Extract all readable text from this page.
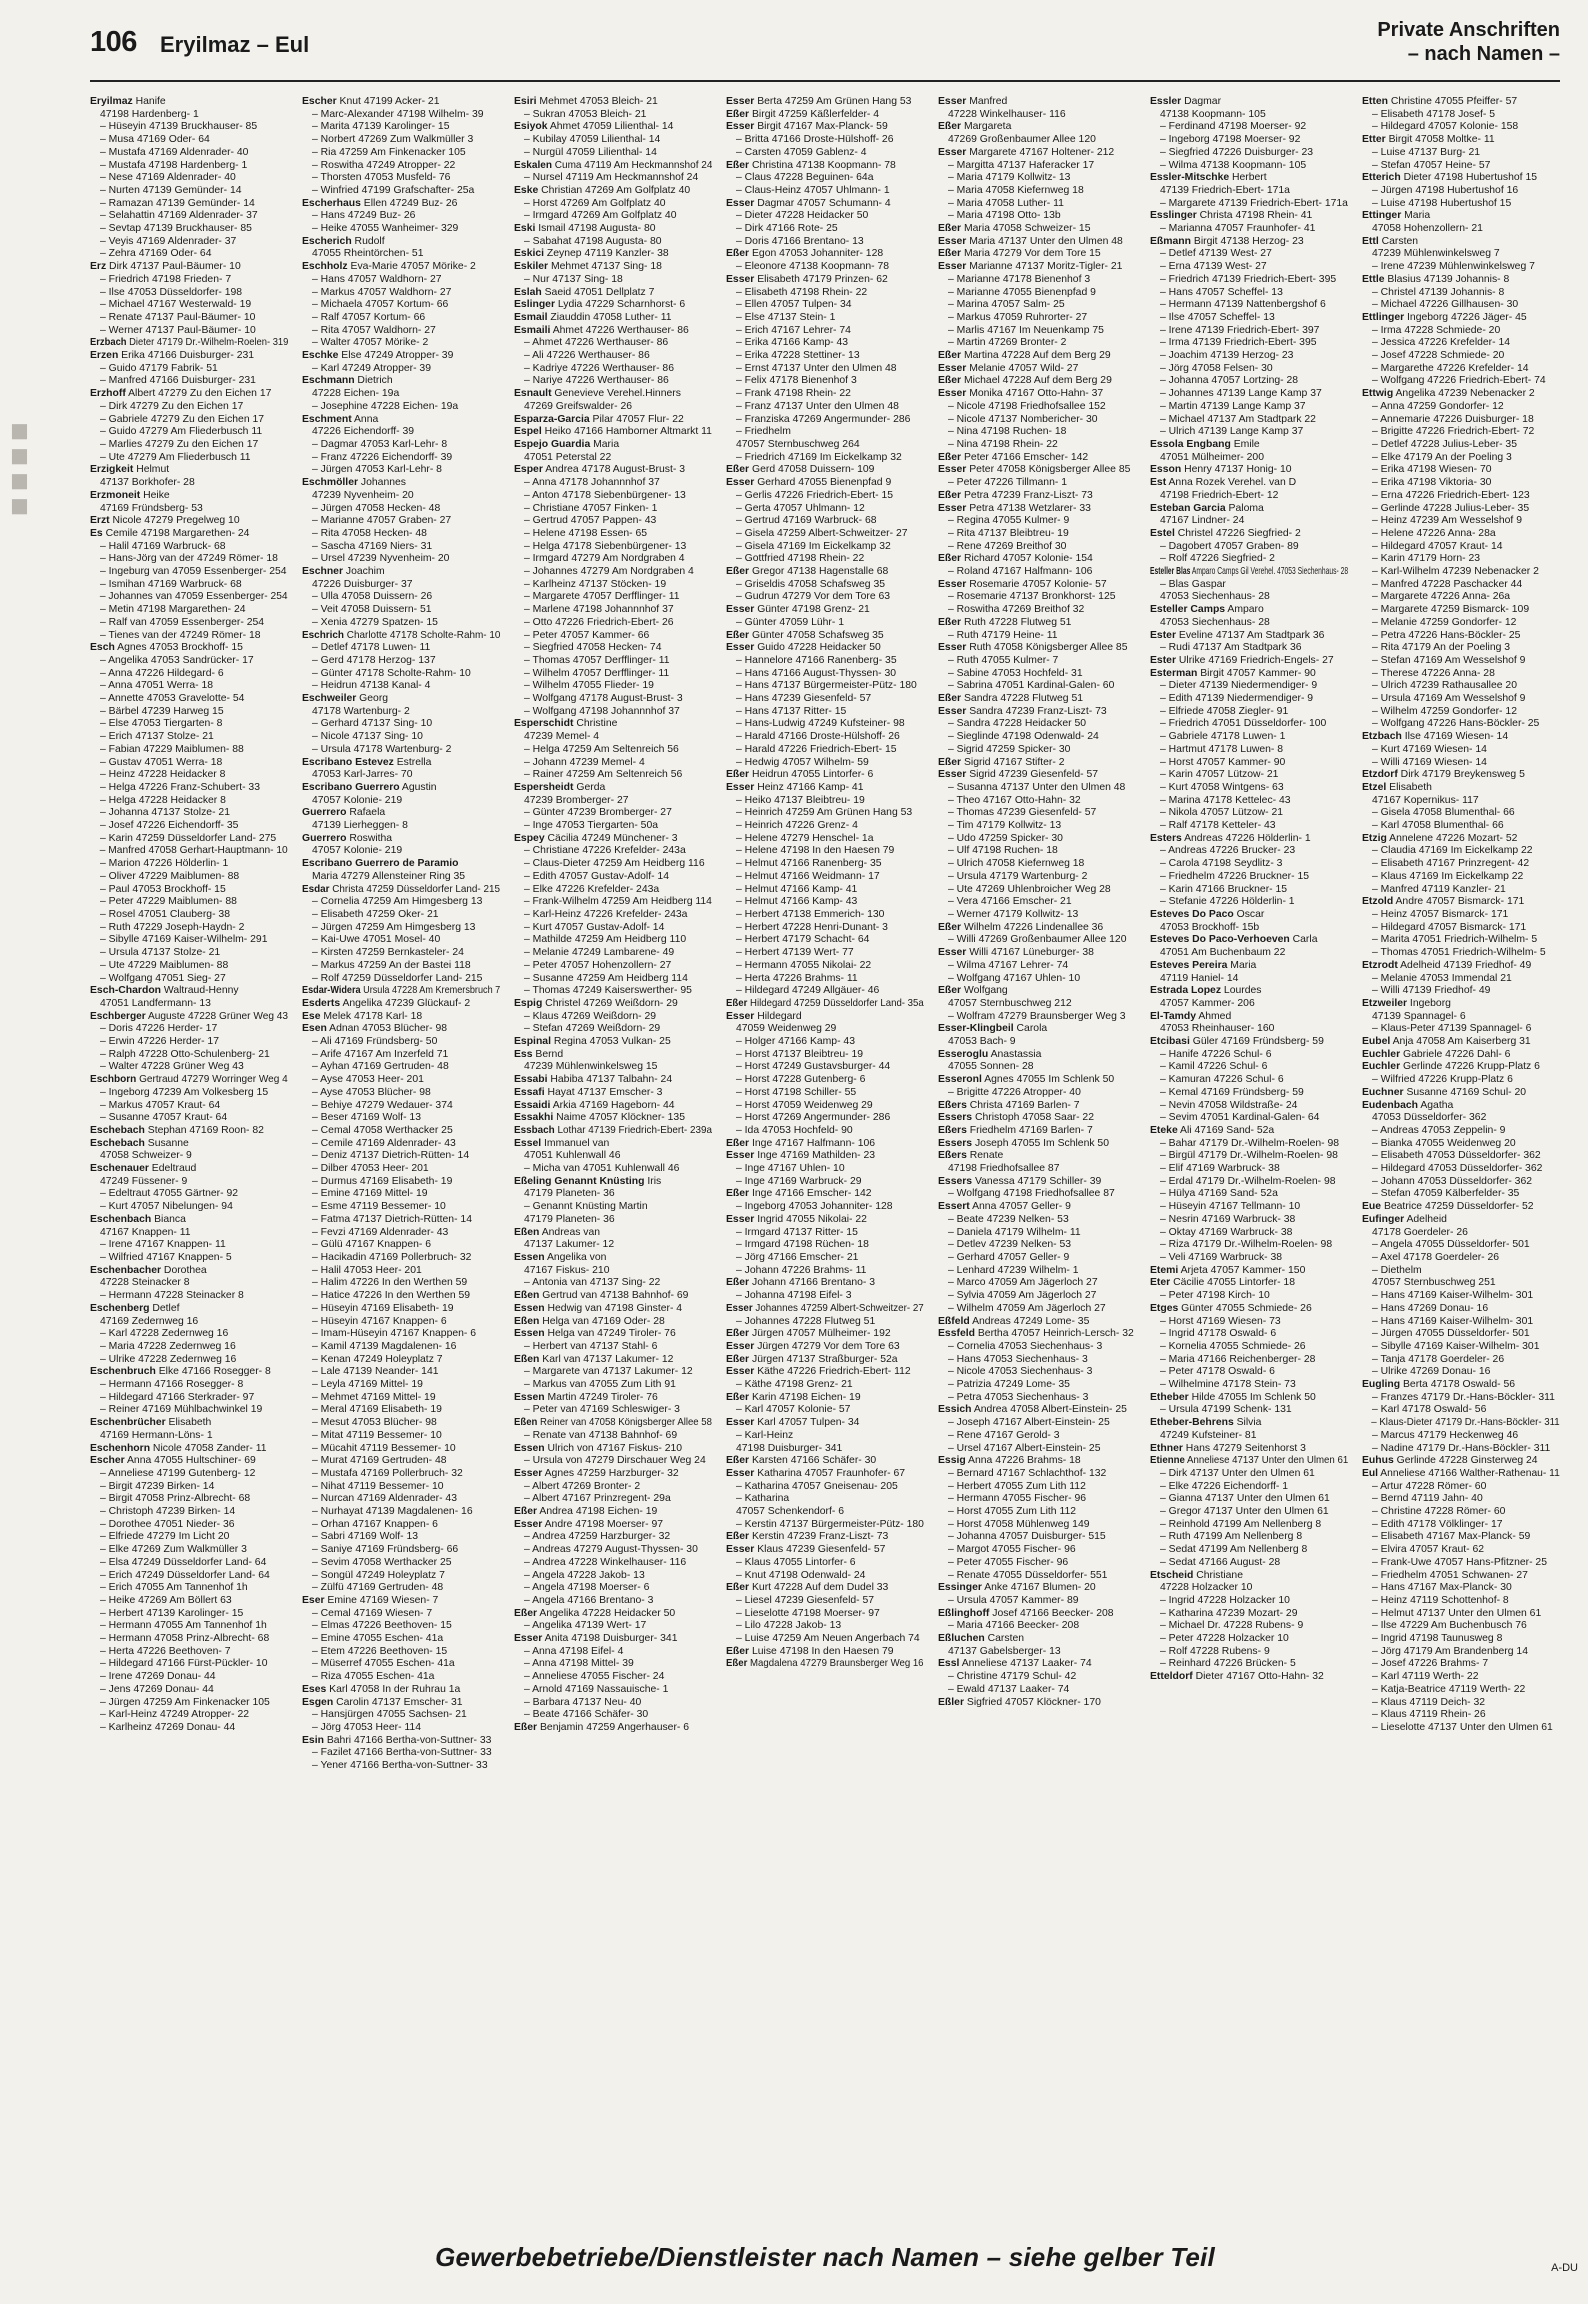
106 Eryilmaz – Eul
Private Anschriften
– nach Namen –
◼︎◼︎◼︎◼︎
Eryilmaz Hanife
47198 Hardenberg- 1
– Hüseyin 47139 Bruckhauser- 85
– Musa 47169 Oder- 64
– Mustafa 47169 Aldenrader- 40
– Mustafa 47198 Hardenberg- 1
– Nese 47169 Aldenrader- 40
– Nurten 47139 Gemünder- 14
– Ramazan 47139 Gemünder- 14
– Selahattin 47169 Aldenrader- 37
– Sevtap 47139 Bruckhauser- 85
– Veyis 47169 Aldenrader- 37
– Zehra 47169 Oder- 64
Erz Dirk 47137 Paul-Bäumer- 10
– Friedrich 47198 Frieden- 7
– Ilse 47053 Düsseldorfer- 198
– Michael 47167 Westerwald- 19
– Renate 47137 Paul-Bäumer- 10
– Werner 47137 Paul-Bäumer- 10
Erzbach Dieter 47179 Dr.-Wilhelm-Roelen- 319
Erzen Erika 47166 Duisburger- 231
– Guido 47179 Fabrik- 51
– Manfred 47166 Duisburger- 231
Erzhoff Albert 47279 Zu den Eichen 17
– Dirk 47279 Zu den Eichen 17
– Gabriele 47279 Zu den Eichen 17
– Guido 47279 Am Fliederbusch 11
– Marlies 47279 Zu den Eichen 17
– Ute 47279 Am Fliederbusch 11
Erzigkeit Helmut
47137 Borkhofer- 28
Erzmoneit Heike
47169 Fründsberg- 53
Erzt Nicole 47279 Pregelweg 10
Es Cemile 47198 Margarethen- 24
– Halil 47169 Warbruck- 68
– Hans-Jörg van der 47249 Römer- 18
– Ingeburg van 47059 Essenberger- 254
– Ismihan 47169 Warbruck- 68
– Johannes van 47059 Essenberger- 254
– Metin 47198 Margarethen- 24
– Ralf van 47059 Essenberger- 254
– Tienes van der 47249 Römer- 18
Esch Agnes 47053 Brockhoff- 15
– Angelika 47053 Sandrücker- 17
– Anna 47226 Hildegard- 6
– Anna 47051 Werra- 18
– Annette 47053 Gravelotte- 54
– Bärbel 47239 Harweg 15
– Else 47053 Tiergarten- 8
– Erich 47137 Stolze- 21
– Fabian 47229 Maiblumen- 88
– Gustav 47051 Werra- 18
– Heinz 47228 Heidacker 8
– Helga 47226 Franz-Schubert- 33
– Helga 47228 Heidacker 8
– Johanna 47137 Stolze- 21
– Josef 47226 Eichendorff- 35
– Karin 47259 Düsseldorfer Land- 275
– Manfred 47058 Gerhart-Hauptmann- 10
– Marion 47226 Hölderlin- 1
– Oliver 47229 Maiblumen- 88
– Paul 47053 Brockhoff- 15
– Peter 47229 Maiblumen- 88
– Rosel 47051 Clauberg- 38
– Ruth 47229 Joseph-Haydn- 2
– Sibylle 47169 Kaiser-Wilhelm- 291
– Ursula 47137 Stolze- 21
– Ute 47229 Maiblumen- 88
– Wolfgang 47051 Sieg- 27
Esch-Chardon Waltraud-Henny
47051 Landfermann- 13
Eschberger Auguste 47228 Grüner Weg 43
– Doris 47226 Herder- 17
– Erwin 47226 Herder- 17
– Ralph 47228 Otto-Schulenberg- 21
– Walter 47228 Grüner Weg 43
Eschborn Gertraud 47279 Worringer Weg 4
– Ingeborg 47239 Am Volkesberg 15
– Markus 47057 Kraut- 64
– Susanne 47057 Kraut- 64
Eschebach Stephan 47169 Roon- 82
Eschebach Susanne
47058 Schweizer- 9
Eschenauer Edeltraud
47249 Füssener- 9
– Edeltraut 47055 Gärtner- 92
– Kurt 47057 Nibelungen- 94
Eschenbach Bianca
47167 Knappen- 11
– Irene 47167 Knappen- 11
– Wilfried 47167 Knappen- 5
Eschenbacher Dorothea
47228 Steinacker 8
– Hermann 47228 Steinacker 8
Eschenberg Detlef
47169 Zedernweg 16
– Karl 47228 Zedernweg 16
– Maria 47228 Zedernweg 16
– Ulrike 47228 Zedernweg 16
Eschenbruch Elke 47166 Rosegger- 8
– Hermann 47166 Rosegger- 8
– Hildegard 47166 Sterkrader- 97
– Reiner 47169 Mühlbachwinkel 19
Eschenbrücher Elisabeth
47169 Hermann-Löns- 1
Eschenhorn Nicole 47058 Zander- 11
Escher Anna 47055 Hultschiner- 69
– Anneliese 47199 Gutenberg- 12
– Birgit 47239 Birken- 14
– Birgit 47058 Prinz-Albrecht- 68
– Christoph 47239 Birken- 14
– Dorothee 47051 Nieder- 36
– Elfriede 47279 Im Licht 20
– Elke 47269 Zum Walkmüller 3
– Elsa 47249 Düsseldorfer Land- 64
– Erich 47249 Düsseldorfer Land- 64
– Erich 47055 Am Tannenhof 1h
– Heike 47269 Am Böllert 63
– Herbert 47139 Karolinger- 15
– Hermann 47055 Am Tannenhof 1h
– Hermann 47058 Prinz-Albrecht- 68
– Herta 47226 Beethoven- 7
– Hildegard 47166 Fürst-Pückler- 10
– Irene 47269 Donau- 44
– Jens 47269 Donau- 44
– Jürgen 47259 Am Finkenacker 105
– Karl-Heinz 47249 Atropper- 22
– Karlheinz 47269 Donau- 44
Escher Knut 47199 Acker- 21
– Marc-Alexander 47198 Wilhelm- 39
– Marita 47139 Karolinger- 15
– Norbert 47269 Zum Walkmüller 3
– Ria 47259 Am Finkenacker 105
– Roswitha 47249 Atropper- 22
– Thorsten 47053 Musfeld- 76
– Winfried 47199 Grafschafter- 25a
Escherhaus Ellen 47249 Buz- 26
– Hans 47249 Buz- 26
– Heike 47055 Wanheimer- 329
Escherich Rudolf
47055 Rheintörchen- 51
Eschholz Eva-Marie 47057 Mörike- 2
– Hans 47057 Waldhorn- 27
– Markus 47057 Waldhorn- 27
– Michaela 47057 Kortum- 66
– Ralf 47057 Kortum- 66
– Rita 47057 Waldhorn- 27
– Walter 47057 Mörike- 2
Eschke Else 47249 Atropper- 39
– Karl 47249 Atropper- 39
Eschmann Dietrich
47228 Eichen- 19a
– Josephine 47228 Eichen- 19a
Eschment Anna
47226 Eichendorff- 39
– Dagmar 47053 Karl-Lehr- 8
– Franz 47226 Eichendorff- 39
– Jürgen 47053 Karl-Lehr- 8
Eschmöller Johannes
47239 Nyvenheim- 20
– Jürgen 47058 Hecken- 48
– Marianne 47057 Graben- 27
– Rita 47058 Hecken- 48
– Sascha 47169 Niers- 31
– Ursel 47239 Nyvenheim- 20
Eschner Joachim
47226 Duisburger- 37
– Ulla 47058 Duissern- 26
– Veit 47058 Duissern- 51
– Xenia 47279 Spatzen- 15
Eschrich Charlotte 47178 Scholte-Rahm- 10
– Detlef 47178 Luwen- 11
– Gerd 47178 Herzog- 137
– Günter 47178 Scholte-Rahm- 10
– Heidrun 47138 Kanal- 4
Eschweiler Georg
47178 Wartenburg- 2
– Gerhard 47137 Sing- 10
– Nicole 47137 Sing- 10
– Ursula 47178 Wartenburg- 2
Escribano Estevez Estrella
47053 Karl-Jarres- 70
Escribano Guerrero Agustin
47057 Kolonie- 219
Guerrero Rafaela
47139 Lierheggen- 8
Guerrero Roswitha
47057 Kolonie- 219
Escribano Guerrero de Paramio
Maria 47279 Allensteiner Ring 35
Esdar Christa 47259 Düsseldorfer Land- 215
– Cornelia 47259 Am Himgesberg 13
– Elisabeth 47259 Oker- 21
– Jürgen 47259 Am Himgesberg 13
– Kai-Uwe 47051 Mosel- 40
– Kirsten 47259 Bernkasteler- 24
– Markus 47259 An der Bastei 118
– Rolf 47259 Düsseldorfer Land- 215
Esdar-Widera Ursula 47228 Am Kremersbruch 7
Esderts Angelika 47239 Glückauf- 2
Ese Melek 47178 Karl- 18
Esen Adnan 47053 Blücher- 98
– Ali 47169 Fründsberg- 50
– Arife 47167 Am Inzerfeld 71
– Ayhan 47169 Gertruden- 48
– Ayse 47053 Heer- 201
– Ayse 47053 Blücher- 98
– Behiye 47279 Wedauer- 374
– Beser 47169 Wolf- 13
– Cemal 47058 Werthacker 25
– Cemile 47169 Aldenrader- 43
– Deniz 47137 Dietrich-Rütten- 14
– Dilber 47053 Heer- 201
– Durmus 47169 Elisabeth- 19
– Emine 47169 Mittel- 19
– Esme 47119 Bessemer- 10
– Fatma 47137 Dietrich-Rütten- 14
– Fevzi 47169 Aldenrader- 43
– Gülü 47167 Knappen- 6
– Hacikadin 47169 Pollerbruch- 32
– Halil 47053 Heer- 201
– Halim 47226 In den Werthen 59
– Hatice 47226 In den Werthen 59
– Hüseyin 47169 Elisabeth- 19
– Hüseyin 47167 Knappen- 6
– Imam-Hüseyin 47167 Knappen- 6
– Kamil 47139 Magdalenen- 16
– Kenan 47249 Holeyplatz 7
– Lale 47139 Neander- 141
– Leyla 47169 Mittel- 19
– Mehmet 47169 Mittel- 19
– Meral 47169 Elisabeth- 19
– Mesut 47053 Blücher- 98
– Mitat 47119 Bessemer- 10
– Mücahit 47119 Bessemer- 10
– Murat 47169 Gertruden- 48
– Mustafa 47169 Pollerbruch- 32
– Nihat 47119 Bessemer- 10
– Nurcan 47169 Aldenrader- 43
– Nurhayat 47139 Magdalenen- 16
– Orhan 47167 Knappen- 6
– Sabri 47169 Wolf- 13
– Saniye 47169 Fründsberg- 66
– Sevim 47058 Werthacker 25
– Songül 47249 Holeyplatz 7
– Zülfü 47169 Gertruden- 48
Eser Emine 47169 Wiesen- 7
– Cemal 47169 Wiesen- 7
– Elmas 47226 Beethoven- 15
– Emine 47055 Eschen- 41a
– Etem 47226 Beethoven- 15
– Müserref 47055 Eschen- 41a
– Riza 47055 Eschen- 41a
Eses Karl 47058 In der Ruhrau 1a
Esgen Carolin 47137 Emscher- 31
– Hansjürgen 47055 Sachsen- 21
– Jörg 47053 Heer- 114
Esin Bahri 47166 Bertha-von-Suttner- 33
– Fazilet 47166 Bertha-von-Suttner- 33
– Yener 47166 Bertha-von-Suttner- 33
Esiri Mehmet 47053 Bleich- 21
– Sukran 47053 Bleich- 21
Esiyok Ahmet 47059 Lilienthal- 14
– Kubilay 47059 Lilienthal- 14
– Nurgül 47059 Lilienthal- 14
Eskalen Cuma 47119 Am Heckmannshof 24
– Nursel 47119 Am Heckmannshof 24
Eske Christian 47269 Am Golfplatz 40
– Horst 47269 Am Golfplatz 40
– Irmgard 47269 Am Golfplatz 40
Eski Ismail 47198 Augusta- 80
– Sabahat 47198 Augusta- 80
Eskici Zeynep 47119 Kanzler- 38
Eskiler Mehmet 47137 Sing- 18
– Nur 47137 Sing- 18
Eslah Saeid 47051 Dellplatz 7
Eslinger Lydia 47229 Scharnhorst- 6
Esmail Ziauddin 47058 Luther- 11
Esmaili Ahmet 47226 Werthauser- 86
– Ahmet 47226 Werthauser- 86
– Ali 47226 Werthauser- 86
– Kadriye 47226 Werthauser- 86
– Nariye 47226 Werthauser- 86
Esnault Genevieve Verehel.Hinners
47269 Greifswalder- 26
Esparza-Garcia Pilar 47057 Flur- 22
Espel Heiko 47166 Hamborner Altmarkt 11
Espejo Guardia Maria
47051 Peterstal 22
Esper Andrea 47178 August-Brust- 3
– Anna 47178 Johannnhof 37
– Anton 47178 Siebenbürgener- 13
– Christiane 47057 Finken- 1
– Gertrud 47057 Pappen- 43
– Helene 47198 Essen- 65
– Helga 47178 Siebenbürgener- 13
– Irmgard 47279 Am Nordgraben 4
– Johannes 47279 Am Nordgraben 4
– Karlheinz 47137 Stöcken- 19
– Margarete 47057 Derfflinger- 11
– Marlene 47198 Johannnhof 37
– Otto 47226 Friedrich-Ebert- 26
– Peter 47057 Kammer- 66
– Siegfried 47058 Hecken- 74
– Thomas 47057 Derfflinger- 11
– Wilhelm 47057 Derfflinger- 11
– Wilhelm 47055 Flieder- 19
– Wolfgang 47178 August-Brust- 3
– Wolfgang 47198 Johannnhof 37
Esperschidt Christine
47239 Memel- 4
– Helga 47259 Am Seltenreich 56
– Johann 47239 Memel- 4
– Rainer 47259 Am Seltenreich 56
Espersheidt Gerda
47239 Bromberger- 27
– Günter 47239 Bromberger- 27
– Inge 47053 Tiergarten- 50a
Espey Cäcilia 47249 Münchener- 3
– Christiane 47226 Krefelder- 243a
– Claus-Dieter 47259 Am Heidberg 116
– Edith 47057 Gustav-Adolf- 14
– Elke 47226 Krefelder- 243a
– Frank-Wilhelm 47259 Am Heidberg 114
– Karl-Heinz 47226 Krefelder- 243a
– Kurt 47057 Gustav-Adolf- 14
– Mathilde 47259 Am Heidberg 110
– Melanie 47249 Lambarene- 49
– Peter 47057 Hohenzollern- 27
– Susanne 47259 Am Heidberg 114
– Thomas 47249 Kaiserswerther- 95
Espig Christel 47269 Weißdorn- 29
– Klaus 47269 Weißdorn- 29
– Stefan 47269 Weißdorn- 29
Espinal Regina 47053 Vulkan- 25
Ess Bernd
47239 Mühlenwinkelsweg 15
Essabi Habiba 47137 Talbahn- 24
Essafi Hayat 47137 Emscher- 3
Essaidi Arkia 47169 Hageborn- 44
Essakhi Naime 47057 Klöckner- 135
Essbach Lothar 47139 Friedrich-Ebert- 239a
Essel Immanuel van
47051 Kuhlenwall 46
– Micha van 47051 Kuhlenwall 46
Eßeling Genannt Knüsting Iris
47179 Planeten- 36
– Genannt Knüsting Martin
47179 Planeten- 36
Eßen Andreas van
47137 Lakumer- 12
Essen Angelika von
47167 Fiskus- 210
– Antonia van 47137 Sing- 22
Eßen Gertrud van 47138 Bahnhof- 69
Essen Hedwig van 47198 Ginster- 4
Eßen Helga van 47169 Oder- 28
Essen Helga van 47249 Tiroler- 76
– Herbert van 47137 Stahl- 6
Eßen Karl van 47137 Lakumer- 12
– Margarete van 47137 Lakumer- 12
– Markus van 47055 Zum Lith 91
Essen Martin 47249 Tiroler- 76
– Peter van 47169 Schleswiger- 3
Eßen Reiner van 47058 Königsberger Allee 58
– Renate van 47138 Bahnhof- 69
Essen Ulrich von 47167 Fiskus- 210
– Ursula von 47279 Dirschauer Weg 24
Esser Agnes 47259 Harzburger- 32
– Albert 47269 Bronter- 2
– Albert 47167 Prinzregent- 29a
Eßer Andrea 47198 Eichen- 19
Esser Andre 47198 Moerser- 97
– Andrea 47259 Harzburger- 32
– Andreas 47279 August-Thyssen- 30
– Andrea 47228 Winkelhauser- 116
– Angela 47228 Jakob- 13
– Angela 47198 Moerser- 6
– Angela 47166 Brentano- 3
Eßer Angelika 47228 Heidacker 50
– Angelika 47139 Wert- 17
Esser Anita 47198 Duisburger- 341
– Anna 47198 Eifel- 4
– Anna 47198 Mittel- 39
– Anneliese 47055 Fischer- 24
– Arnold 47169 Nassauische- 1
– Barbara 47137 Neu- 40
– Beate 47166 Schäfer- 30
Eßer Benjamin 47259 Angerhauser- 6
Esser Berta 47259 Am Grünen Hang 53
Eßer Birgit 47259 Käßlerfelder- 4
Esser Birgit 47167 Max-Planck- 59
– Britta 47166 Droste-Hülshoff- 26
– Carsten 47059 Gablenz- 4
Eßer Christina 47138 Koopmann- 78
– Claus 47228 Beguinen- 64a
– Claus-Heinz 47057 Uhlmann- 1
Esser Dagmar 47057 Schumann- 4
– Dieter 47228 Heidacker 50
– Dirk 47166 Rote- 25
– Doris 47166 Brentano- 13
Eßer Egon 47053 Johanniter- 128
– Eleonore 47138 Koopmann- 78
Esser Elisabeth 47179 Prinzen- 62
– Elisabeth 47198 Rhein- 22
– Ellen 47057 Tulpen- 34
– Else 47137 Stein- 1
– Erich 47167 Lehrer- 74
– Erika 47166 Kamp- 43
– Erika 47228 Stettiner- 13
– Ernst 47137 Unter den Ulmen 48
– Felix 47178 Bienenhof 3
– Frank 47198 Rhein- 22
– Franz 47137 Unter den Ulmen 48
– Franziska 47269 Angermunder- 286
– Friedhelm
47057 Sternbuschweg 264
– Friedrich 47169 Im Eickelkamp 32
Eßer Gerd 47058 Duissern- 109
Esser Gerhard 47055 Bienenpfad 9
– Gerlis 47226 Friedrich-Ebert- 15
– Gerta 47057 Uhlmann- 12
– Gertrud 47169 Warbruck- 68
– Gisela 47259 Albert-Schweitzer- 27
– Gisela 47169 Im Eickelkamp 32
– Gottfried 47198 Rhein- 22
Eßer Gregor 47138 Hagenstalle 68
– Griseldis 47058 Schafsweg 35
– Gudrun 47279 Vor dem Tore 63
Esser Günter 47198 Grenz- 21
– Günter 47059 Lühr- 1
Eßer Günter 47058 Schafsweg 35
Esser Guido 47228 Heidacker 50
– Hannelore 47166 Ranenberg- 35
– Hans 47166 August-Thyssen- 30
– Hans 47137 Bürgermeister-Pütz- 180
– Hans 47239 Giesenfeld- 57
– Hans 47137 Ritter- 15
– Hans-Ludwig 47249 Kufsteiner- 98
– Harald 47166 Droste-Hülshoff- 26
– Harald 47226 Friedrich-Ebert- 15
– Hedwig 47057 Wilhelm- 59
Eßer Heidrun 47055 Lintorfer- 6
Esser Heinz 47166 Kamp- 41
– Heiko 47137 Bleibtreu- 19
– Heinrich 47259 Am Grünen Hang 53
– Heinrich 47226 Grenz- 4
– Helene 47279 Henschel- 1a
– Helene 47198 In den Haesen 79
– Helmut 47166 Ranenberg- 35
– Helmut 47166 Weidmann- 17
– Helmut 47166 Kamp- 41
– Helmut 47166 Kamp- 43
– Herbert 47138 Emmerich- 130
– Herbert 47228 Henri-Dunant- 3
– Herbert 47179 Schacht- 64
– Herbert 47139 Wert- 77
– Hermann 47055 Nikolai- 22
– Herta 47226 Brahms- 11
– Hildegard 47249 Allgäuer- 46
Eßer Hildegard 47259 Düsseldorfer Land- 35a
Esser Hildegard
47059 Weidenweg 29
– Holger 47166 Kamp- 43
– Horst 47137 Bleibtreu- 19
– Horst 47249 Gustavsburger- 44
– Horst 47228 Gutenberg- 6
– Horst 47198 Schiller- 55
– Horst 47059 Weidenweg 29
– Horst 47269 Angermunder- 286
– Ida 47053 Hochfeld- 90
Eßer Inge 47167 Halfmann- 106
Esser Inge 47169 Mathilden- 23
– Inge 47167 Uhlen- 10
– Inge 47169 Warbruck- 29
Eßer Inge 47166 Emscher- 142
– Ingeborg 47053 Johanniter- 128
Esser Ingrid 47055 Nikolai- 22
– Irmgard 47137 Ritter- 15
– Irmgard 47198 Rüchen- 18
– Jörg 47166 Emscher- 21
– Johann 47226 Brahms- 11
Eßer Johann 47166 Brentano- 3
– Johanna 47198 Eifel- 3
Esser Johannes 47259 Albert-Schweitzer- 27
– Johannes 47228 Flutweg 51
Eßer Jürgen 47057 Mülheimer- 192
Esser Jürgen 47279 Vor dem Tore 63
Eßer Jürgen 47137 Straßburger- 52a
Esser Käthe 47226 Friedrich-Ebert- 112
– Käthe 47198 Grenz- 21
Eßer Karin 47198 Eichen- 19
– Karl 47057 Kolonie- 57
Esser Karl 47057 Tulpen- 34
– Karl-Heinz
47198 Duisburger- 341
Eßer Karsten 47166 Schäfer- 30
Esser Katharina 47057 Fraunhofer- 67
– Katharina 47057 Gneisenau- 205
– Katharina
47057 Schenkendorf- 6
– Kerstin 47137 Bürgermeister-Pütz- 180
Eßer Kerstin 47239 Franz-Liszt- 73
Esser Klaus 47239 Giesenfeld- 57
– Klaus 47055 Lintorfer- 6
– Knut 47198 Odenwald- 24
Eßer Kurt 47228 Auf dem Dudel 33
– Liesel 47239 Giesenfeld- 57
– Lieselotte 47198 Moerser- 97
– Lilo 47228 Jakob- 13
– Luise 47259 Am Neuen Angerbach 74
Eßer Luise 47198 In den Haesen 79
Eßer Magdalena 47279 Braunsberger Weg 16
Esser Manfred
47228 Winkelhauser- 116
Eßer Margareta
47269 Großenbaumer Allee 120
Esser Margarete 47167 Holtener- 212
– Margitta 47137 Haferacker 17
– Maria 47179 Kollwitz- 13
– Maria 47058 Kiefernweg 18
– Maria 47058 Luther- 11
– Maria 47198 Otto- 13b
Eßer Maria 47058 Schweizer- 15
Esser Maria 47137 Unter den Ulmen 48
Eßer Maria 47279 Vor dem Tore 15
Esser Marianne 47137 Moritz-Tigler- 21
– Marianne 47178 Bienenhof 3
– Marianne 47055 Bienenpfad 9
– Marina 47057 Salm- 25
– Markus 47059 Ruhrorter- 27
– Marlis 47167 Im Neuenkamp 75
– Martin 47269 Bronter- 2
Eßer Martina 47228 Auf dem Berg 29
Esser Melanie 47057 Wild- 27
Eßer Michael 47228 Auf dem Berg 29
Esser Monika 47167 Otto-Hahn- 37
– Nicole 47198 Friedhofsallee 152
– Nicole 47137 Nombericher- 30
– Nina 47198 Ruchen- 18
– Nina 47198 Rhein- 22
Eßer Peter 47166 Emscher- 142
Esser Peter 47058 Königsberger Allee 85
– Peter 47226 Tillmann- 1
Eßer Petra 47239 Franz-Liszt- 73
Esser Petra 47138 Wetzlarer- 33
– Regina 47055 Kulmer- 9
– Rita 47137 Bleibtreu- 19
– Rene 47269 Breithof 30
Eßer Richard 47057 Kolonie- 154
– Roland 47167 Halfmann- 106
Esser Rosemarie 47057 Kolonie- 57
– Rosemarie 47137 Bronkhorst- 125
– Roswitha 47269 Breithof 32
Eßer Ruth 47228 Flutweg 51
– Ruth 47179 Heine- 11
Esser Ruth 47058 Königsberger Allee 85
– Ruth 47055 Kulmer- 7
– Sabine 47053 Hochfeld- 31
– Sabrina 47051 Kardinal-Galen- 60
Eßer Sandra 47228 Flutweg 51
Esser Sandra 47239 Franz-Liszt- 73
– Sandra 47228 Heidacker 50
– Sieglinde 47198 Odenwald- 24
– Sigrid 47259 Spicker- 30
Eßer Sigrid 47167 Stifter- 2
Esser Sigrid 47239 Giesenfeld- 57
– Susanna 47137 Unter den Ulmen 48
– Theo 47167 Otto-Hahn- 32
– Thomas 47239 Giesenfeld- 57
– Tim 47179 Kollwitz- 13
– Udo 47259 Spicker- 30
– Ulf 47198 Ruchen- 18
– Ulrich 47058 Kiefernweg 18
– Ursula 47179 Wartenburg- 2
– Ute 47269 Uhlenbroicher Weg 28
– Vera 47166 Emscher- 21
– Werner 47179 Kollwitz- 13
Eßer Wilhelm 47226 Lindenallee 36
– Willi 47269 Großenbaumer Allee 120
Esser Willi 47167 Lüneburger- 38
– Wilma 47167 Lehrer- 74
– Wolfgang 47167 Uhlen- 10
Eßer Wolfgang
47057 Sternbuschweg 212
– Wolfram 47279 Braunsberger Weg 3
Esser-Klingbeil Carola
47053 Bach- 9
Esseroglu Anastassia
47055 Sonnen- 28
Esseronl Agnes 47055 Im Schlenk 50
– Brigitte 47226 Atropper- 40
Eßers Christa 47169 Barlen- 7
Essers Christoph 47058 Saar- 22
Eßers Friedhelm 47169 Barlen- 7
Essers Joseph 47055 Im Schlenk 50
Eßers Renate
47198 Friedhofsallee 87
Essers Vanessa 47179 Schiller- 39
– Wolfgang 47198 Friedhofsallee 87
Essert Anna 47057 Geller- 9
– Beate 47239 Nelken- 53
– Daniela 47179 Wilhelm- 11
– Detlev 47239 Nelken- 53
– Gerhard 47057 Geller- 9
– Lenhard 47239 Wilhelm- 1
– Marco 47059 Am Jägerloch 27
– Sylvia 47059 Am Jägerloch 27
– Wilhelm 47059 Am Jägerloch 27
Eßfeld Andreas 47249 Lome- 35
Essfeld Bertha 47057 Heinrich-Lersch- 32
– Cornelia 47053 Siechenhaus- 3
– Hans 47053 Siechenhaus- 3
– Nicole 47053 Siechenhaus- 3
– Patrizia 47249 Lome- 35
– Petra 47053 Siechenhaus- 3
Essich Andrea 47058 Albert-Einstein- 25
– Joseph 47167 Albert-Einstein- 25
– Rene 47167 Gerold- 3
– Ursel 47167 Albert-Einstein- 25
Essig Anna 47226 Brahms- 18
– Bernard 47167 Schlachthof- 132
– Herbert 47055 Zum Lith 112
– Hermann 47055 Fischer- 96
– Horst 47055 Zum Lith 112
– Horst 47058 Mühlenweg 149
– Johanna 47057 Duisburger- 515
– Margot 47055 Fischer- 96
– Peter 47055 Fischer- 96
– Renate 47055 Düsseldorfer- 551
Essinger Anke 47167 Blumen- 20
– Ursula 47057 Kammer- 89
Eßlinghoff Josef 47166 Beecker- 208
– Maria 47166 Beecker- 208
Eßluchen Carsten
47137 Gabelsberger- 13
Essl Anneliese 47137 Laaker- 74
– Christine 47179 Schul- 42
– Ewald 47137 Laaker- 74
Eßler Sigfried 47057 Klöckner- 170
Essler Dagmar
47138 Koopmann- 105
– Ferdinand 47198 Moerser- 92
– Ingeborg 47198 Moerser- 92
– Siegfried 47226 Duisburger- 23
– Wilma 47138 Koopmann- 105
Essler-Mitschke Herbert
47139 Friedrich-Ebert- 171a
– Margarete 47139 Friedrich-Ebert- 171a
Esslinger Christa 47198 Rhein- 41
– Marianna 47057 Fraunhofer- 41
Eßmann Birgit 47138 Herzog- 23
– Detlef 47139 West- 27
– Erna 47139 West- 27
– Friedrich 47139 Friedrich-Ebert- 395
– Hans 47057 Scheffel- 13
– Hermann 47139 Nattenbergshof 6
– Ilse 47057 Scheffel- 13
– Irene 47139 Friedrich-Ebert- 397
– Irma 47139 Friedrich-Ebert- 395
– Joachim 47139 Herzog- 23
– Jörg 47058 Felsen- 30
– Johanna 47057 Lortzing- 28
– Johannes 47139 Lange Kamp 37
– Martin 47139 Lange Kamp 37
– Michael 47137 Am Stadtpark 22
– Ulrich 47139 Lange Kamp 37
Essola Engbang Emile
47051 Mülheimer- 200
Esson Henry 47137 Honig- 10
Est Anna Rozek Verehel. van D
47198 Friedrich-Ebert- 12
Esteban Garcia Paloma
47167 Lindner- 24
Estel Christel 47226 Siegfried- 2
– Dagobert 47057 Graben- 89
– Rolf 47226 Siegfried- 2
Esteller Blas Amparo Camps Gil Verehel. 47053 Siechenhaus- 28
– Blas Gaspar
47053 Siechenhaus- 28
Esteller Camps Amparo
47053 Siechenhaus- 28
Ester Eveline 47137 Am Stadtpark 36
– Rudi 47137 Am Stadtpark 36
Ester Ulrike 47169 Friedrich-Engels- 27
Esterman Birgit 47057 Kammer- 90
– Dieter 47139 Niedermendiger- 9
– Edith 47139 Niedermendiger- 9
– Elfriede 47058 Ziegler- 91
– Friedrich 47051 Düsseldorfer- 100
– Gabriele 47178 Luwen- 1
– Hartmut 47178 Luwen- 8
– Horst 47057 Kammer- 90
– Karin 47057 Lützow- 21
– Kurt 47058 Wintgens- 63
– Marina 47178 Kettelec- 43
– Nikola 47057 Lützow- 21
– Ralf 47178 Ketteler- 43
Esters Andreas 47226 Hölderlin- 1
– Andreas 47226 Brucker- 23
– Carola 47198 Seydlitz- 3
– Friedhelm 47226 Bruckner- 15
– Karin 47166 Bruckner- 15
– Stefanie 47226 Hölderlin- 1
Esteves Do Paco Oscar
47053 Brockhoff- 15b
Esteves Do Paco-Verhoeven Carla
47051 Am Buchenbaum 22
Esteves Pereira Maria
47119 Haniel- 14
Estrada Lopez Lourdes
47057 Kammer- 206
El-Tamdy Ahmed
47053 Rheinhauser- 160
Etcibasi Güler 47169 Fründsberg- 59
– Hanife 47226 Schul- 6
– Kamil 47226 Schul- 6
– Kamuran 47226 Schul- 6
– Kemal 47169 Fründsberg- 59
– Nevin 47058 Wildstraße- 24
– Sevim 47051 Kardinal-Galen- 64
Eteke Ali 47169 Sand- 52a
– Bahar 47179 Dr.-Wilhelm-Roelen- 98
– Birgül 47179 Dr.-Wilhelm-Roelen- 98
– Elif 47169 Warbruck- 38
– Erdal 47179 Dr.-Wilhelm-Roelen- 98
– Hülya 47169 Sand- 52a
– Hüseyin 47167 Tellmann- 10
– Nesrin 47169 Warbruck- 38
– Oktay 47169 Warbruck- 38
– Riza 47179 Dr.-Wilhelm-Roelen- 98
– Veli 47169 Warbruck- 38
Etemi Arjeta 47057 Kammer- 150
Eter Cäcilie 47055 Lintorfer- 18
– Peter 47198 Kirch- 10
Etges Günter 47055 Schmiede- 26
– Horst 47169 Wiesen- 73
– Ingrid 47178 Oswald- 6
– Kornelia 47055 Schmiede- 26
– Maria 47166 Reichenberger- 28
– Peter 47178 Oswald- 6
– Wilhelmine 47178 Stein- 73
Etheber Hilde 47055 Im Schlenk 50
– Ursula 47199 Schenk- 131
Etheber-Behrens Silvia
47249 Kufsteiner- 81
Ethner Hans 47279 Seitenhorst 3
Etienne Anneliese 47137 Unter den Ulmen 61
– Dirk 47137 Unter den Ulmen 61
– Elke 47226 Eichendorff- 1
– Gianna 47137 Unter den Ulmen 61
– Gregor 47137 Unter den Ulmen 61
– Reinhold 47199 Am Nellenberg 8
– Ruth 47199 Am Nellenberg 8
– Sedat 47199 Am Nellenberg 8
– Sedat 47166 August- 28
Etscheid Christiane
47228 Holzacker 10
– Ingrid 47228 Holzacker 10
– Katharina 47239 Mozart- 29
– Michael Dr. 47228 Rubens- 9
– Peter 47228 Holzacker 10
– Rolf 47228 Rubens- 9
– Reinhard 47226 Brücken- 5
Etteldorf Dieter 47167 Otto-Hahn- 32
Etten Christine 47055 Pfeiffer- 57
– Elisabeth 47178 Josef- 5
– Hildegard 47057 Kolonie- 158
Etter Birgit 47058 Moltke- 11
– Luise 47137 Burg- 21
– Stefan 47057 Heine- 57
Etterich Dieter 47198 Hubertushof 15
– Jürgen 47198 Hubertushof 16
– Luise 47198 Hubertushof 15
Ettinger Maria
47058 Hohenzollern- 21
Ettl Carsten
47239 Mühlenwinkelsweg 7
– Irene 47239 Mühlenwinkelsweg 7
Ettle Blasius 47139 Johannis- 8
– Christel 47139 Johannis- 8
– Michael 47226 Gillhausen- 30
Ettlinger Ingeborg 47226 Jäger- 45
– Irma 47228 Schmiede- 20
– Jessica 47226 Krefelder- 14
– Josef 47228 Schmiede- 20
– Margarethe 47226 Krefelder- 14
– Wolfgang 47226 Friedrich-Ebert- 74
Ettwig Angelika 47239 Nebenacker 2
– Anna 47259 Gondorfer- 12
– Annemarie 47226 Duisburger- 18
– Brigitte 47226 Friedrich-Ebert- 72
– Detlef 47228 Julius-Leber- 35
– Elke 47179 An der Poeling 3
– Erika 47198 Wiesen- 70
– Erika 47198 Viktoria- 30
– Erna 47226 Friedrich-Ebert- 123
– Gerlinde 47228 Julius-Leber- 35
– Heinz 47239 Am Wesselshof 9
– Helene 47226 Anna- 28a
– Hildegard 47057 Kraut- 14
– Karin 47179 Horn- 23
– Karl-Wilhelm 47239 Nebenacker 2
– Manfred 47228 Paschacker 44
– Margarete 47226 Anna- 26a
– Margarete 47259 Bismarck- 109
– Melanie 47259 Gondorfer- 12
– Petra 47226 Hans-Böckler- 25
– Rita 47179 An der Poeling 3
– Stefan 47169 Am Wesselshof 9
– Therese 47226 Anna- 28
– Ulrich 47239 Rathausallee 20
– Ursula 47169 Am Wesselshof 9
– Wilhelm 47259 Gondorfer- 12
– Wolfgang 47226 Hans-Böckler- 25
Etzbach Ilse 47169 Wiesen- 14
– Kurt 47169 Wiesen- 14
– Willi 47169 Wiesen- 14
Etzdorf Dirk 47179 Breykensweg 5
Etzel Elisabeth
47167 Kopernikus- 117
– Gisela 47058 Blumenthal- 66
– Karl 47058 Blumenthal- 66
Etzig Annelene 47226 Mozart- 52
– Claudia 47169 Im Eickelkamp 22
– Elisabeth 47167 Prinzregent- 42
– Klaus 47169 Im Eickelkamp 22
– Manfred 47119 Kanzler- 21
Etzold Andre 47057 Bismarck- 171
– Heinz 47057 Bismarck- 171
– Hildegard 47057 Bismarck- 171
– Marita 47051 Friedrich-Wilhelm- 5
– Thomas 47051 Friedrich-Wilhelm- 5
Etzrodt Adelheid 47139 Friedhof- 49
– Melanie 47053 Immendal 21
– Willi 47139 Friedhof- 49
Etzweiler Ingeborg
47139 Spannagel- 6
– Klaus-Peter 47139 Spannagel- 6
Eubel Anja 47058 Am Kaiserberg 31
Euchler Gabriele 47226 Dahl- 6
Euchler Gerlinde 47226 Krupp-Platz 6
– Wilfried 47226 Krupp-Platz 6
Euchner Susanne 47169 Schul- 20
Eudenbach Agatha
47053 Düsseldorfer- 362
– Andreas 47053 Zeppelin- 9
– Bianka 47055 Weidenweg 20
– Elisabeth 47053 Düsseldorfer- 362
– Hildegard 47053 Düsseldorfer- 362
– Johann 47053 Düsseldorfer- 362
– Stefan 47059 Kälberfelder- 35
Eue Beatrice 47259 Düsseldorfer- 52
Eufinger Adelheid
47178 Goerdeler- 26
– Angela 47055 Düsseldorfer- 501
– Axel 47178 Goerdeler- 26
– Diethelm
47057 Sternbuschweg 251
– Hans 47169 Kaiser-Wilhelm- 301
– Hans 47269 Donau- 16
– Hans 47169 Kaiser-Wilhelm- 301
– Jürgen 47055 Düsseldorfer- 501
– Sibylle 47169 Kaiser-Wilhelm- 301
– Tanja 47178 Goerdeler- 26
– Ulrike 47269 Donau- 16
Eugling Berta 47178 Oswald- 56
– Franzes 47179 Dr.-Hans-Böckler- 311
– Karl 47178 Oswald- 56
– Klaus-Dieter 47179 Dr.-Hans-Böckler- 311
– Marcus 47179 Heckenweg 46
– Nadine 47179 Dr.-Hans-Böckler- 311
Euhus Gerlinde 47228 Ginsterweg 24
Eul Anneliese 47166 Walther-Rathenau- 11
– Artur 47228 Römer- 60
– Bernd 47119 Jahn- 40
– Christine 47228 Römer- 60
– Edith 47178 Völklinger- 17
– Elisabeth 47167 Max-Planck- 59
– Elvira 47057 Kraut- 62
– Frank-Uwe 47057 Hans-Pfitzner- 25
– Friedhelm 47051 Schwanen- 27
– Hans 47167 Max-Planck- 30
– Heinz 47119 Schottenhof- 8
– Helmut 47137 Unter den Ulmen 61
– Ilse 47229 Am Buchenbusch 76
– Ingrid 47198 Taunusweg 8
– Jörg 47179 Am Brandenberg 14
– Josef 47226 Brahms- 7
– Karl 47119 Werth- 22
– Katja-Beatrice 47119 Werth- 22
– Klaus 47119 Deich- 32
– Klaus 47119 Rhein- 26
– Lieselotte 47137 Unter den Ulmen 61
Gewerbebetriebe/Dienstleister nach Namen – siehe gelber Teil	A-DU
